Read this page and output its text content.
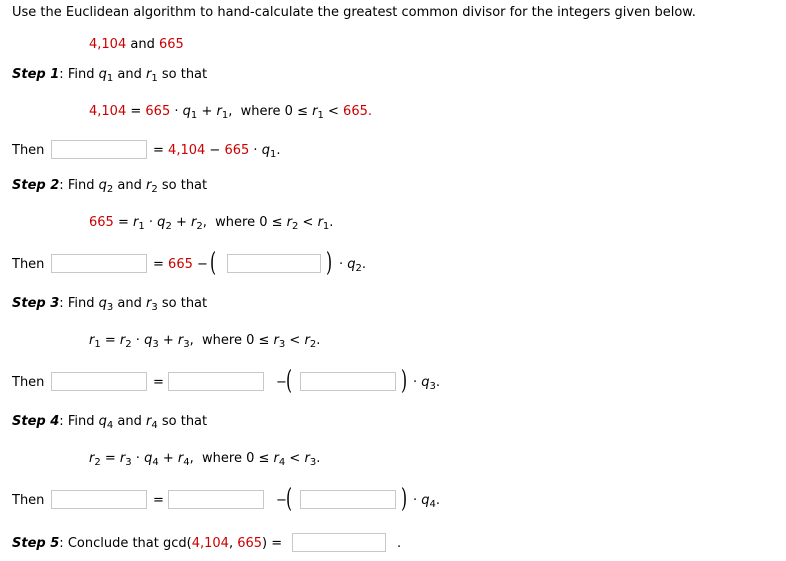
Use the Euclidean algorithm to hand-calculate the greatest common divisor for the integers given below.
4,104 and 665
Step 1: Find $q_1$ and $r_1$ so that
$4,104 = 665 \cdot q_1 + r_1$, where $0 \le r_1 < 665$.
Then	= $4,104 - 665 \cdot q_1$.
Step 2: Find $q_2$ and $r_2$ so that
$665 = r_1 \cdot q_2 + r_2$, where $0 \le r_2 < r_1$.
Then	= 665 − (	) · $q_2$.
Step 3: Find $q_3$ and $r_3$ so that
$r_1 = r_2 \cdot q_3 + r_3$, where $0 \le r_3 < r_2$.
Then	=	− (	) · $q_3$.
Step 4: Find $q_4$ and $r_4$ so that
$r_2 = r_3 \cdot q_4 + r_4$, where $0 \le r_4 < r_3$.
Then	=	− (	) · $q_4$.
Step 5: Conclude that gcd(4,104, 665) =	.
